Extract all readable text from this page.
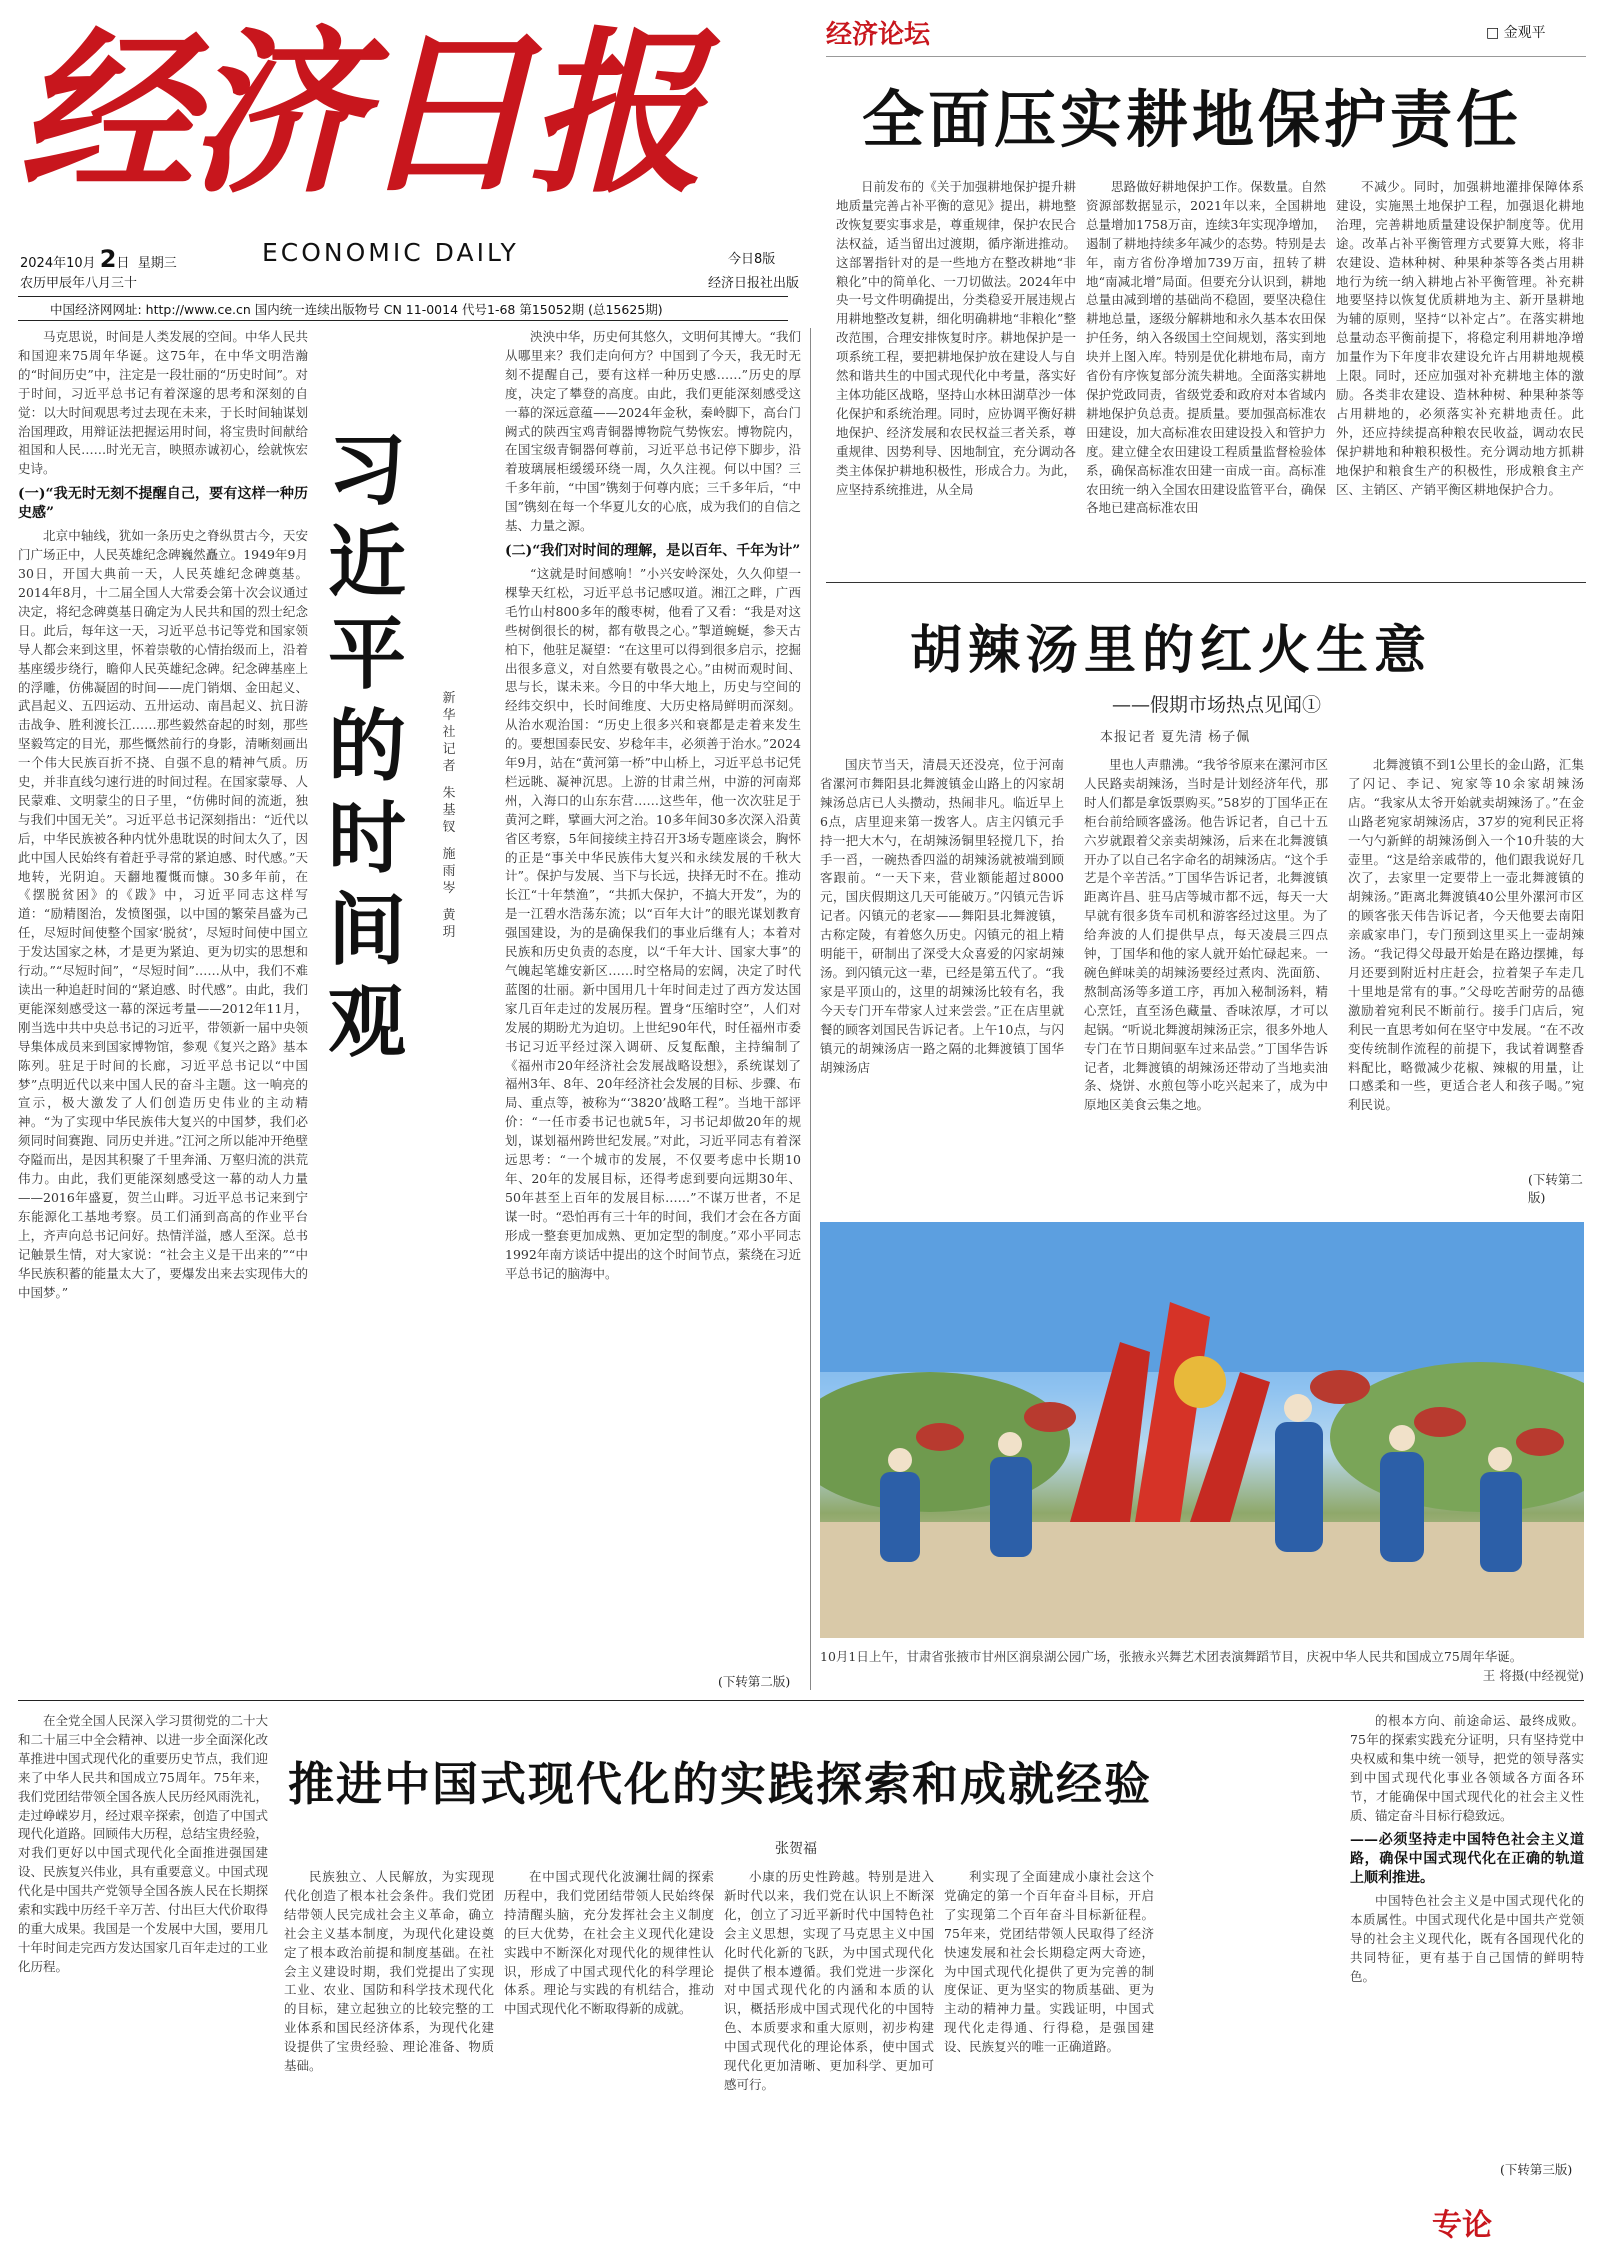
经济日报
ECONOMIC DAILY
2024年10月 2日 星期三
农历甲辰年八月三十
今日8版
经济日报社出版
中国经济网网址: http://www.ce.cn 国内统一连续出版物号 CN 11-0014 代号1-68 第15052期 (总15625期)
经济论坛	□ 金观平
全面压实耕地保护责任

日前发布的《关于加强耕地保护提升耕地质量完善占补平衡的意见》提出，耕地整改恢复要实事求是，尊重规律，保护农民合法权益，适当留出过渡期，循序渐进推动。这部署指针对的是一些地方在整改耕地“非粮化”中的简单化、一刀切做法。2024年中央一号文件明确提出，分类稳妥开展违规占用耕地整改复耕，细化明确耕地“非粮化”整改范围，合理安排恢复时序。耕地保护是一项系统工程，要把耕地保护放在建设人与自然和谐共生的中国式现代化中考量，落实好主体功能区战略，坚持山水林田湖草沙一体化保护和系统治理。同时，应协调平衡好耕地保护、经济发展和农民权益三者关系，尊重规律、因势利导、因地制宜，充分调动各类主体保护耕地积极性，形成合力。为此，应坚持系统推进，从全局

思路做好耕地保护工作。保数量。自然资源部数据显示，2021年以来，全国耕地总量增加1758万亩，连续3年实现净增加，遏制了耕地持续多年减少的态势。特别是去年，南方省份净增加739万亩，扭转了耕地“南减北增”局面。但要充分认识到，耕地总量由减到增的基础尚不稳固，要坚决稳住耕地总量，逐级分解耕地和永久基本农田保护任务，纳入各级国土空间规划，落实到地块并上图入库。特别是优化耕地布局，南方省份有序恢复部分流失耕地。全面落实耕地保护党政同责，省级党委和政府对本省域内耕地保护负总责。提质量。要加强高标准农田建设，加大高标准农田建设投入和管护力度。建立健全农田建设工程质量监督检验体系，确保高标准农田建一亩成一亩。高标准农田统一纳入全国农田建设监管平台，确保各地已建高标准农田

不减少。同时，加强耕地灌排保障体系建设，实施黑土地保护工程，加强退化耕地治理，完善耕地质量建设保护制度等。优用途。改革占补平衡管理方式要算大账，将非农建设、造林种树、种果种茶等各类占用耕地行为统一纳入耕地占补平衡管理。补充耕地要坚持以恢复优质耕地为主、新开垦耕地为辅的原则，坚持“以补定占”。在落实耕地总量动态平衡前提下，将稳定利用耕地净增加量作为下年度非农建设允许占用耕地规模上限。同时，还应加强对补充耕地主体的激励。各类非农建设、造林种树、种果种茶等占用耕地的，必须落实补充耕地责任。此外，还应持续提高种粮农民收益，调动农民保护耕地和种粮积极性。充分调动地方抓耕地保护和粮食生产的积极性，形成粮食主产区、主销区、产销平衡区耕地保护合力。

胡辣汤里的红火生意
——假期市场热点见闻①
本报记者 夏先清 杨子佩

国庆节当天，清晨天还没亮，位于河南省漯河市舞阳县北舞渡镇金山路上的闪家胡辣汤总店已人头攒动，热闹非凡。临近早上6点，店里迎来第一拨客人。店主闪镇元手持一把大木勺，在胡辣汤铜里轻搅几下，抬手一舀，一碗热香四溢的胡辣汤就被端到顾客跟前。“一天下来，营业额能超过8000元，国庆假期这几天可能破万。”闪镇元告诉记者。闪镇元的老家——舞阳县北舞渡镇，古称定陵，有着悠久历史。闪镇元的祖上精明能干，研制出了深受大众喜爱的闪家胡辣汤。到闪镇元这一辈，已经是第五代了。“我家是平顶山的，这里的胡辣汤比较有名，我今天专门开车带家人过来尝尝。”正在店里就餐的顾客刘国民告诉记者。上午10点，与闪镇元的胡辣汤店一路之隔的北舞渡镇丁国华胡辣汤店

里也人声鼎沸。“我爷爷原来在漯河市区人民路卖胡辣汤，当时是计划经济年代，那时人们都是拿饭票购买。”58岁的丁国华正在柜台前给顾客盛汤。他告诉记者，自己十五六岁就跟着父亲卖胡辣汤，后来在北舞渡镇开办了以自己名字命名的胡辣汤店。“这个手艺是个辛苦活。”丁国华告诉记者，北舞渡镇距离许昌、驻马店等城市都不远，每天一大早就有很多货车司机和游客经过这里。为了给奔波的人们提供早点，每天凌晨三四点钟，丁国华和他的家人就开始忙碌起来。一碗色鲜味美的胡辣汤要经过煮肉、洗面筋、熬制高汤等多道工序，再加入秘制汤料，精心烹饪，直至汤色藏量、香味浓厚，才可以起锅。“听说北舞渡胡辣汤正宗，很多外地人专门在节日期间驱车过来品尝。”丁国华告诉记者，北舞渡镇的胡辣汤还带动了当地卖油条、烧饼、水煎包等小吃兴起来了，成为中原地区美食云集之地。

北舞渡镇不到1公里长的金山路，汇集了闪记、李记、宛家等10余家胡辣汤店。“我家从太爷开始就卖胡辣汤了。”在金山路老宛家胡辣汤店，37岁的宛利民正将一勺勺新鲜的胡辣汤倒入一个10升装的大壶里。“这是给亲戚带的，他们跟我说好几次了，去家里一定要带上一壶北舞渡镇的胡辣汤。”距离北舞渡镇40公里外漯河市区的顾客张天伟告诉记者，今天他要去南阳亲戚家串门，专门预到这里买上一壶胡辣汤。“我记得父母最开始是在路边摆摊，每月还要到附近村庄赶会，拉着架子车走几十里地是常有的事。”父母吃苦耐劳的品德激励着宛利民不断前行。接手门店后，宛利民一直思考如何在坚守中发展。“在不改变传统制作流程的前提下，我试着调整香料配比，略微减少花椒、辣椒的用量，让口感柔和一些，更适合老人和孩子喝。”宛利民说。

(下转第二版)
10月1日上午，甘肃省张掖市甘州区润泉湖公园广场，张掖永兴舞艺术团表演舞蹈节目，庆祝中华人民共和国成立75周年华诞。
王 将摄(中经视觉)

马克思说，时间是人类发展的空间。中华人民共和国迎来75周年华诞。这75年，在中华文明浩瀚的“时间历史”中，注定是一段壮丽的“历史时间”。对于时间，习近平总书记有着深邃的思考和深刻的自觉：以大时间观思考过去现在未来，于长时间轴谋划治国理政，用辩证法把握运用时间，将宝贵时间献给祖国和人民……时光无言，映照赤诚初心，绘就恢宏史诗。

(一)“我无时无刻不提醒自己，要有这样一种历史感”

北京中轴线，犹如一条历史之脊纵贯古今，天安门广场正中，人民英雄纪念碑巍然矗立。1949年9月30日，开国大典前一天，人民英雄纪念碑奠基。2014年8月，十二届全国人大常委会第十次会议通过决定，将纪念碑奠基日确定为人民共和国的烈士纪念日。此后，每年这一天，习近平总书记等党和国家领导人都会来到这里，怀着崇敬的心情抬级而上，沿着基座缓步绕行，瞻仰人民英雄纪念碑。纪念碑基座上的浮雕，仿佛凝固的时间——虎门销烟、金田起义、武昌起义、五四运动、五卅运动、南昌起义、抗日游击战争、胜利渡长江……那些毅然奋起的时刻，那些坚毅笃定的目光，那些慨然前行的身影，清晰刻画出一个伟大民族百折不挠、自强不息的精神气质。历史，并非直线匀速行进的时间过程。在国家蒙辱、人民蒙难、文明蒙尘的日子里，“仿佛时间的流逝，独与我们中国无关”。习近平总书记深刻指出：“近代以后，中华民族被各种内忧外患耽误的时间太久了，因此中国人民始终有着赶乎寻常的紧迫感、时代感。”天地转，光阴迫。天翻地覆慨而慷。30多年前，在《摆脱贫困》的《跋》中，习近平同志这样写道：“励精图治，发愤图强，以中国的繁荣昌盛为己任，尽短时间使整个国家‘脱贫’，尽短时间使中国立于发达国家之林，才是更为紧迫、更为切实的思想和行动。”“尽短时间”，“尽短时间”……从中，我们不难读出一种追赶时间的“紧迫感、时代感”。由此，我们更能深刻感受这一幕的深远考量——2012年11月，刚当选中共中央总书记的习近平，带领新一届中央领导集体成员来到国家博物馆，参观《复兴之路》基本陈列。驻足于时间的长廊，习近平总书记以“中国梦”点明近代以来中国人民的奋斗主题。这一响亮的宣示，极大激发了人们创造历史伟业的主动精神。“为了实现中华民族伟大复兴的中国梦，我们必须同时间赛跑、同历史并进。”江河之所以能冲开绝壁夺隘而出，是因其积聚了千里奔涌、万壑归流的洪荒伟力。由此，我们更能深刻感受这一幕的动人力量——2016年盛夏，贺兰山畔。习近平总书记来到宁东能源化工基地考察。员工们涌到高高的作业平台上，齐声向总书记问好。热情洋溢，感人至深。总书记触景生情，对大家说：“社会主义是干出来的”“中华民族积蓄的能量太大了，要爆发出来去实现伟大的中国梦。”

习
近
平
的
时
间
观
新
华
社
记
者
朱
基
钗
施
雨
岑
黄
玥

泱泱中华，历史何其悠久，文明何其博大。“我们从哪里来？我们走向何方？中国到了今天，我无时无刻不提醒自己，要有这样一种历史感……”历史的厚度，决定了攀登的高度。由此，我们更能深刻感受这一幕的深远意蕴——2024年金秋，秦岭脚下，高台门阙式的陕西宝鸡青铜器博物院气势恢宏。博物院内，在国宝级青铜器何尊前，习近平总书记停下脚步，沿着玻璃展柜缓缓环绕一周，久久注视。何以中国？三千多年前，“中国”镌刻于何尊内底；三千多年后，“中国”镌刻在每一个华夏儿女的心底，成为我们的自信之基、力量之源。

(二)“我们对时间的理解，是以百年、千年为计”

“这就是时间感响！”小兴安岭深处，久久仰望一棵挚天红松，习近平总书记感叹道。湘江之畔，广西毛竹山村800多年的酸枣树，他看了又看：“我是对这些树倒很长的树，都有敬畏之心。”掣道蜿蜒，参天古柏下，他驻足凝望：“在这里可以得到很多启示，挖掘出很多意义，对自然要有敬畏之心。”由树而观时间、思与长，谋未来。今日的中华大地上，历史与空间的经纬交织中，长时间维度、大历史格局鲜明而深刻。从治水观治国：“历史上很多兴和衰都是走着来发生的。要想国泰民安、岁稔年丰，必须善于治水。”2024年9月，站在“黄河第一桥”中山桥上，习近平总书记凭栏远眺、凝神沉思。上游的甘肃兰州，中游的河南郑州，入海口的山东东营……这些年，他一次次驻足于黄河之畔，擘画大河之治。10多年间30多次深入沿黄省区考察，5年间接续主持召开3场专题座谈会，胸怀的正是“事关中华民族伟大复兴和永续发展的千秋大计”。保护与发展、当下与长远，抉择无时不在。推动长江“十年禁渔”，“共抓大保护，不搞大开发”，为的是一江碧水浩荡东流；以“百年大计”的眼光谋划教育强国建设，为的是确保我们的事业后继有人；本着对民族和历史负责的态度，以“千年大计、国家大事”的气魄起笔雄安新区……时空格局的宏阔，决定了时代蓝图的壮丽。新中国用几十年时间走过了西方发达国家几百年走过的发展历程。置身“压缩时空”，人们对发展的期盼尤为迫切。上世纪90年代，时任福州市委书记习近平经过深入调研、反复酝酿，主持编制了《福州市20年经济社会发展战略设想》，系统谋划了福州3年、8年、20年经济社会发展的目标、步骤、布局、重点等，被称为“‘3820’战略工程”。当地干部评价：“一任市委书记也就5年，习书记却做20年的规划，谋划福州跨世纪发展。”对此，习近平同志有着深远思考：“一个城市的发展，不仅要考虑中长期10年、20年的发展目标，还得考虑到要向远期30年、50年甚至上百年的发展目标……”不谋万世者，不足谋一时。“恐怕再有三十年的时间，我们才会在各方面形成一整套更加成熟、更加定型的制度。”邓小平同志1992年南方谈话中提出的这个时间节点，萦绕在习近平总书记的脑海中。

(下转第二版)
推进中国式现代化的实践探索和成就经验
张贺福

在全党全国人民深入学习贯彻党的二十大和二十届三中全会精神、以进一步全面深化改革推进中国式现代化的重要历史节点，我们迎来了中华人民共和国成立75周年。75年来，我们党团结带领全国各族人民历经风雨洗礼，走过峥嵘岁月，经过艰辛探索，创造了中国式现代化道路。回顾伟大历程，总结宝贵经验，对我们更好以中国式现代化全面推进强国建设、民族复兴伟业，具有重要意义。中国式现代化是中国共产党领导全国各族人民在长期探索和实践中历经千辛万苦、付出巨大代价取得的重大成果。我国是一个发展中大国，要用几十年时间走完西方发达国家几百年走过的工业化历程。

民族独立、人民解放，为实现现代化创造了根本社会条件。我们党团结带领人民完成社会主义革命，确立社会主义基本制度，为现代化建设奠定了根本政治前提和制度基础。在社会主义建设时期，我们党提出了实现工业、农业、国防和科学技术现代化的目标，建立起独立的比较完整的工业体系和国民经济体系，为现代化建设提供了宝贵经验、理论准备、物质基础。

在中国式现代化波澜壮阔的探索历程中，我们党团结带领人民始终保持清醒头脑，充分发挥社会主义制度的巨大优势，在社会主义现代化建设实践中不断深化对现代化的规律性认识，形成了中国式现代化的科学理论体系。理论与实践的有机结合，推动中国式现代化不断取得新的成就。

小康的历史性跨越。特别是进入新时代以来，我们党在认识上不断深化，创立了习近平新时代中国特色社会主义思想，实现了马克思主义中国化时代化新的飞跃，为中国式现代化提供了根本遵循。我们党进一步深化对中国式现代化的内涵和本质的认识，概括形成中国式现代化的中国特色、本质要求和重大原则，初步构建中国式现代化的理论体系，使中国式现代化更加清晰、更加科学、更加可感可行。

利实现了全面建成小康社会这个党确定的第一个百年奋斗目标，开启了实现第二个百年奋斗目标新征程。75年来，党团结带领人民取得了经济快速发展和社会长期稳定两大奇迹，为中国式现代化提供了更为完善的制度保证、更为坚实的物质基础、更为主动的精神力量。实践证明，中国式现代化走得通、行得稳，是强国建设、民族复兴的唯一正确道路。

的根本方向、前途命运、最终成败。75年的探索实践充分证明，只有坚持党中央权威和集中统一领导，把党的领导落实到中国式现代化事业各领域各方面各环节，才能确保中国式现代化的社会主义性质、锚定奋斗目标行稳致远。

——必须坚持走中国特色社会主义道路，确保中国式现代化在正确的轨道上顺利推进。

中国特色社会主义是中国式现代化的本质属性。中国式现代化是中国共产党领导的社会主义现代化，既有各国现代化的共同特征，更有基于自己国情的鲜明特色。

(下转第三版)
专论
